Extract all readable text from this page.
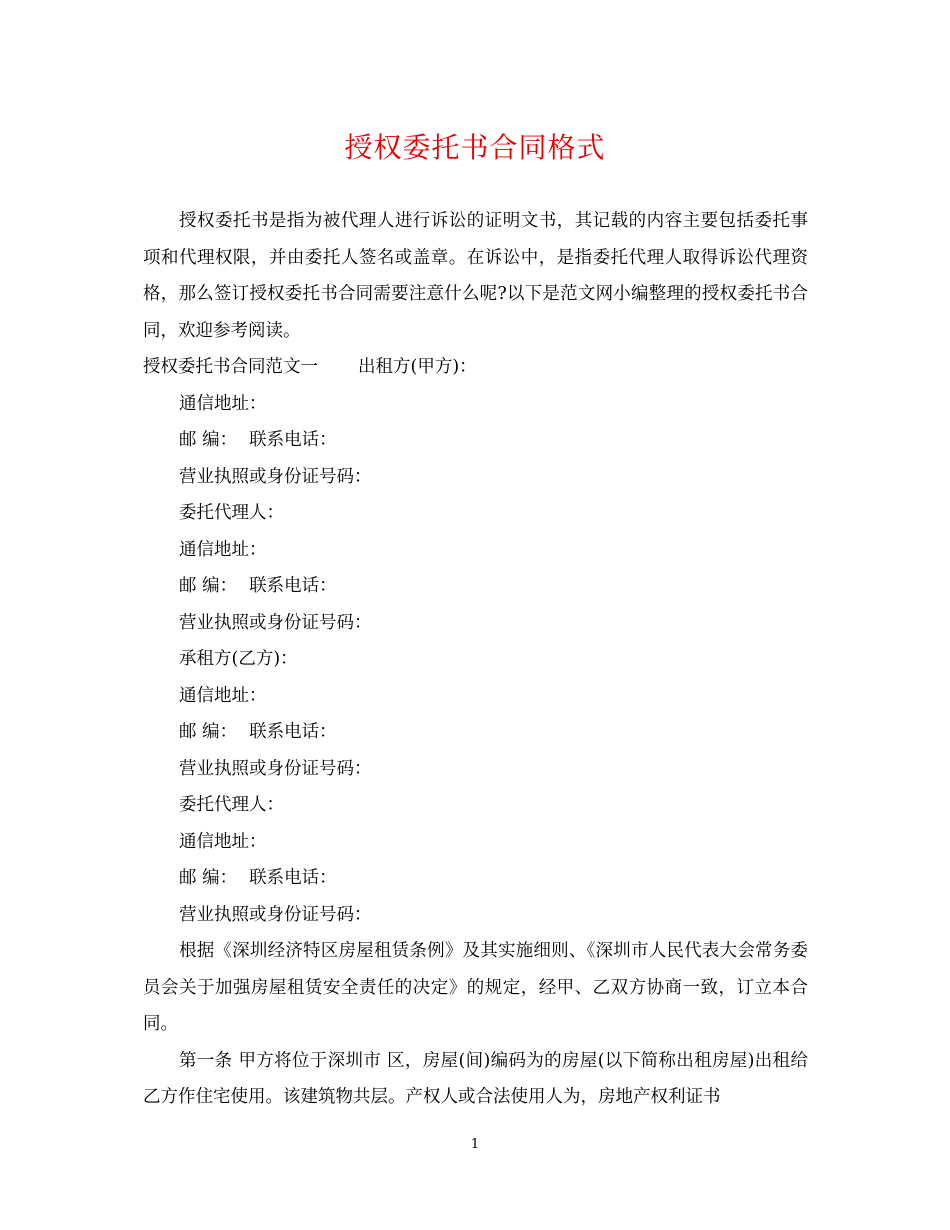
授权委托书合同格式

授权委托书是指为被代理人进行诉讼的证明文书，其记载的内容主要包括委托事项和代理权限，并由委托人签名或盖章。在诉讼中，是指委托代理人取得诉讼代理资格，那么签订授权委托书合同需要注意什么呢?以下是范文网小编整理的授权委托书合同，欢迎参考阅读。

授权委托书合同范文一 出租方(甲方)：

通信地址：

邮 编： 联系电话：

营业执照或身份证号码：

委托代理人：

通信地址：

邮 编： 联系电话：

营业执照或身份证号码：

承租方(乙方)：

通信地址：

邮 编： 联系电话：

营业执照或身份证号码：

委托代理人：

通信地址：

邮 编： 联系电话：

营业执照或身份证号码：

根据《深圳经济特区房屋租赁条例》及其实施细则、《深圳市人民代表大会常务委员会关于加强房屋租赁安全责任的决定》的规定，经甲、乙双方协商一致，订立本合同。

第一条 甲方将位于深圳市 区，房屋(间)编码为的房屋(以下简称出租房屋)出租给乙方作住宅使用。该建筑物共层。产权人或合法使用人为，房地产权利证书

1
